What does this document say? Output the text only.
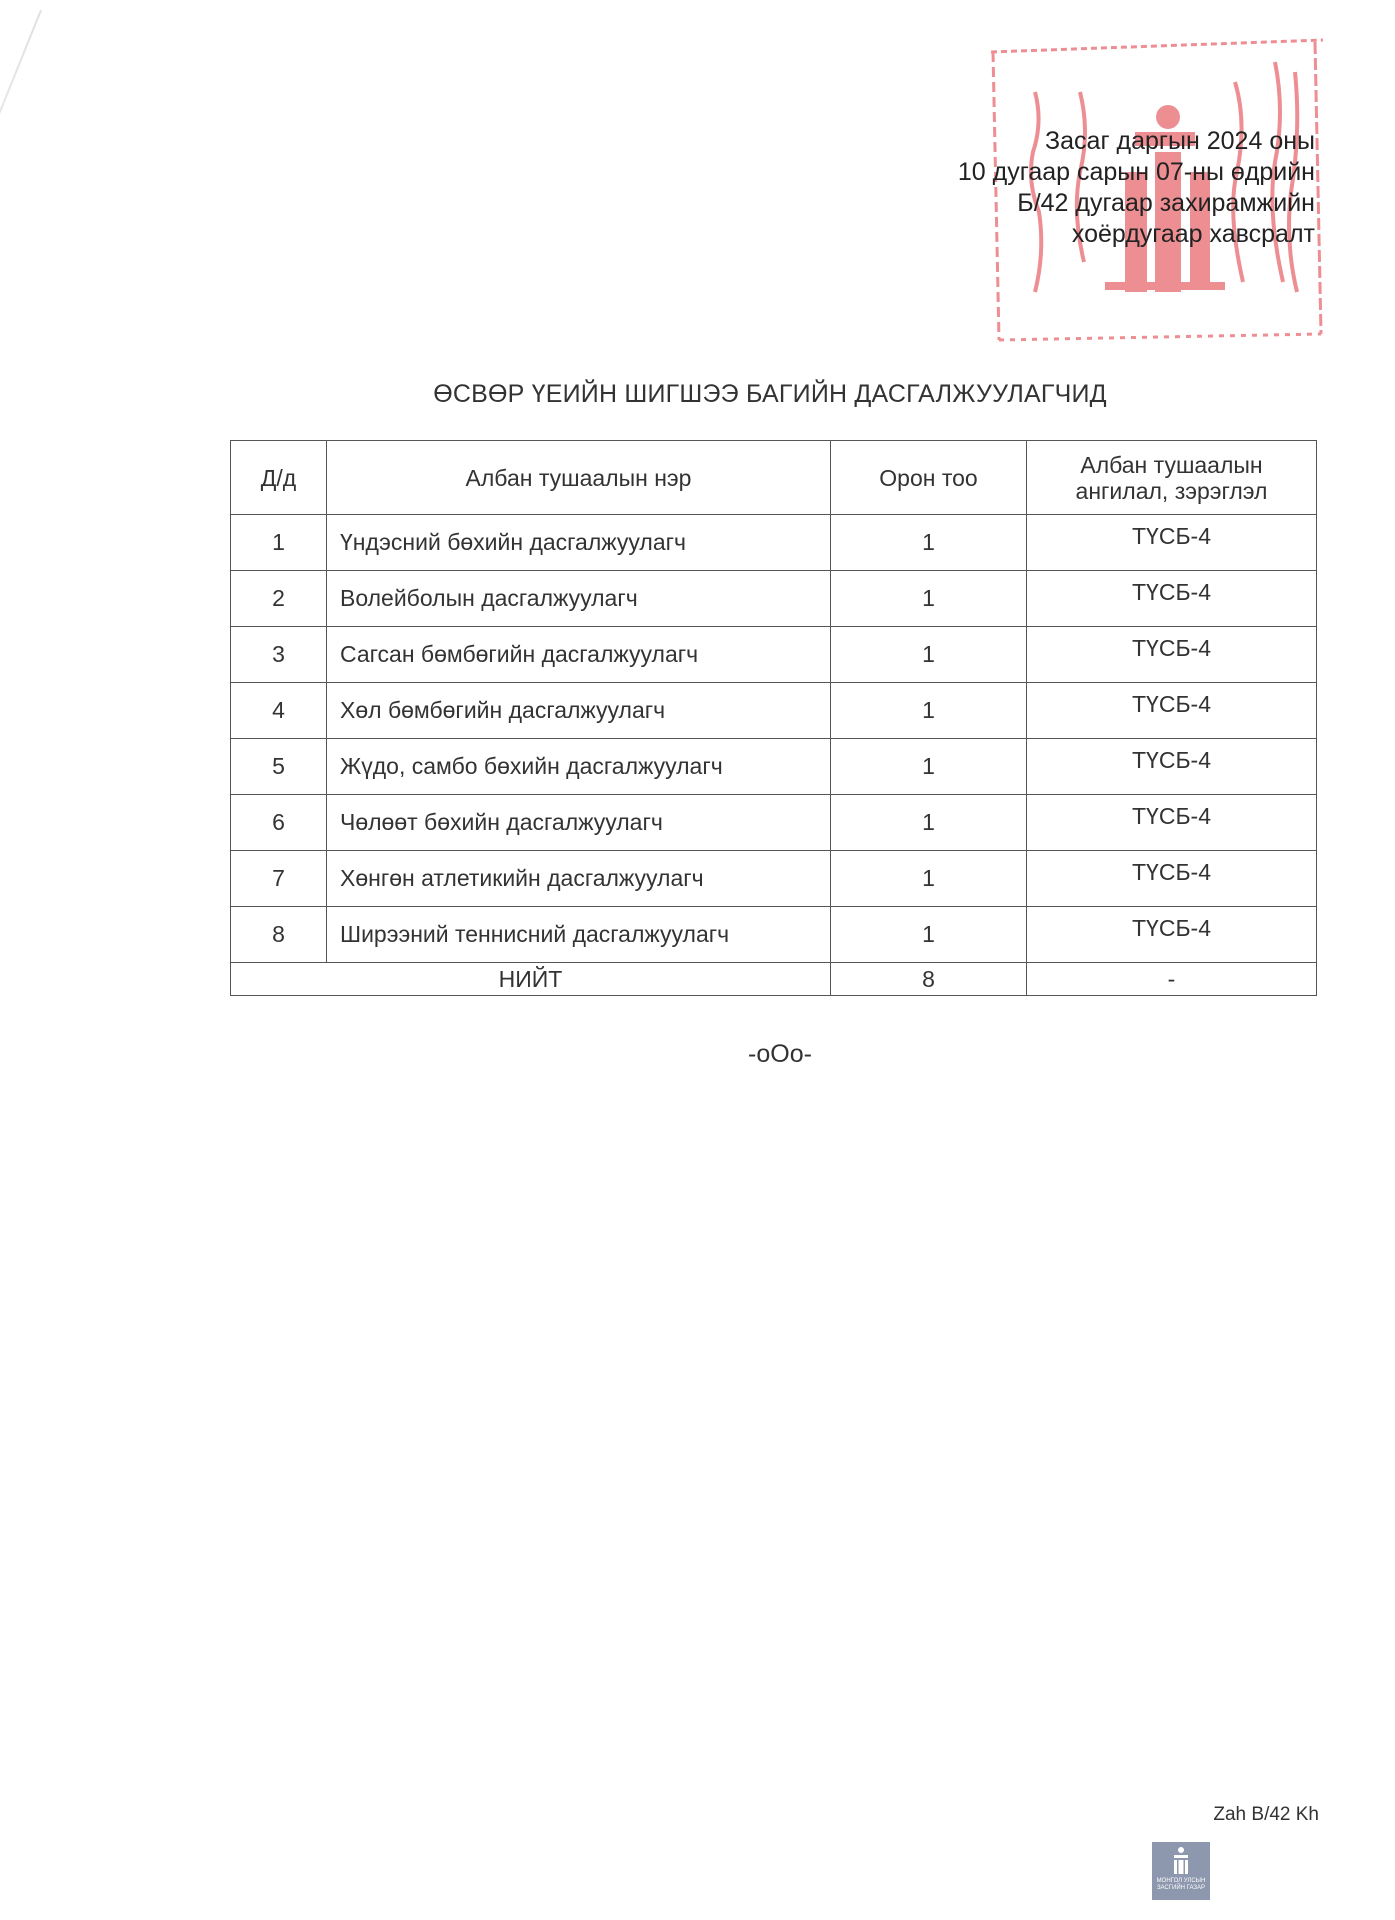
Засаг даргын 2024 оны
10 дугаар сарын 07-ны өдрийн
Б/42 дугаар захирамжийн
хоёрдугаар хавсралт
ӨСВӨР ҮЕИЙН ШИГШЭЭ БАГИЙН ДАСГАЛЖУУЛАГЧИД
Д/д	Албан тушаалын нэр	Орон тоо	Албан тушаалын
ангилал, зэрэглэл

1	Үндэсний бөхийн дасгалжуулагч	1	ТҮСБ-4
2	Волейболын дасгалжуулагч	1	ТҮСБ-4
3	Сагсан бөмбөгийн дасгалжуулагч	1	ТҮСБ-4
4	Хөл бөмбөгийн дасгалжуулагч	1	ТҮСБ-4
5	Жүдо, самбо бөхийн дасгалжуулагч	1	ТҮСБ-4
6	Чөлөөт бөхийн дасгалжуулагч	1	ТҮСБ-4
7	Хөнгөн атлетикийн дасгалжуулагч	1	ТҮСБ-4
8	Ширээний теннисний дасгалжуулагч	1	ТҮСБ-4
НИЙТ		8	-
-oOo-
Zah B/42 Kh
МОНГОЛ УЛСЫН
ЗАСГИЙН ГАЗАР
